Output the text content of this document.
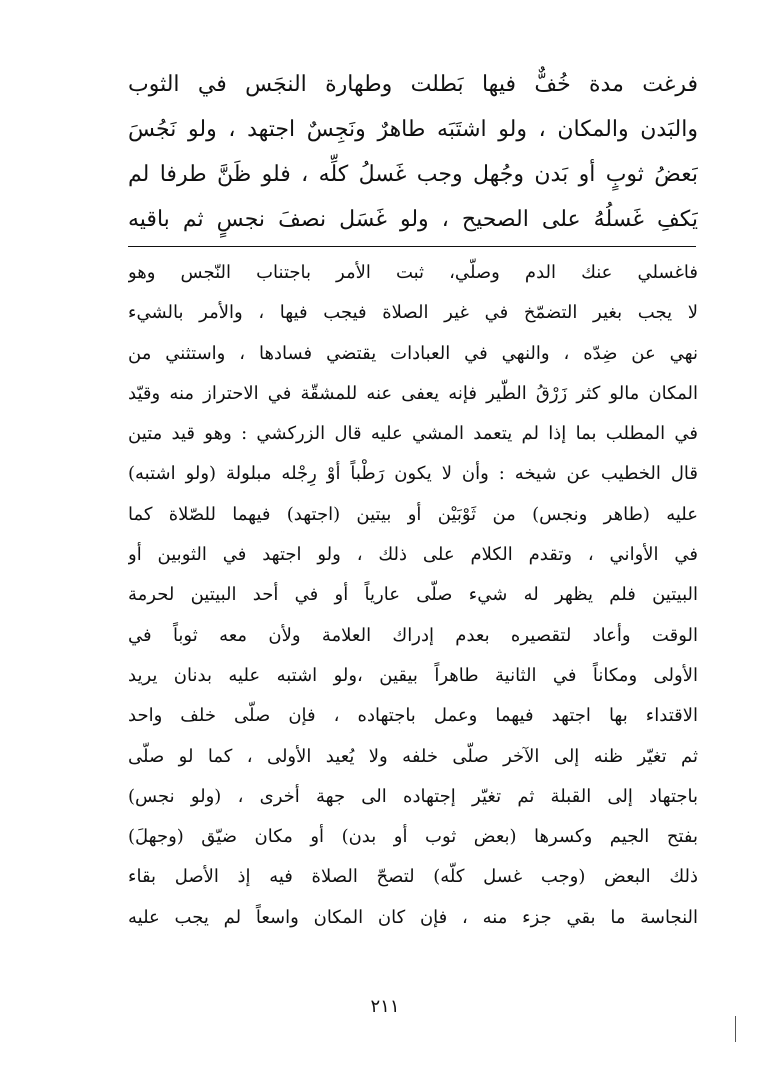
فرغت مدة خُفٌّ فيها بَطلت وطهارة النجَس في الثوب
والبَدن والمكان ، ولو اشتَبَه طاهرٌ ونَجِسٌ اجتهد ، ولو نَجُسَ
بَعضُ ثوبٍ أو بَدن وجُهل وجب غَسلُ كلِّه ، فلو ظَنَّ طرفا لم
يَكفِ غَسلُهُ على الصحيح ، ولو غَسَل نصفَ نجسٍ ثم باقيه
فاغسلي عنك الدم وصلّي، ثبت الأمر باجتناب النّجس وهو
لا يجب بغير التضمّخ في غير الصلاة فيجب فيها ، والأمر بالشيء
نهي عن ضِدّه ، والنهي في العبادات يقتضي فسادها ، واستثني من
المكان مالو كثر زَرْقُ الطّير فإنه يعفى عنه للمشقّة في الاحتراز منه وقيّد
في المطلب بما إذا لم يتعمد المشي عليه قال الزركشي : وهو قيد متين
قال الخطيب عن شيخه : وأن لا يكون رَطْباً أوْ رِجْله مبلولة (ولو اشتبه)
عليه (طاهر ونجس) من ثَوْبَيْن أو بيتين (اجتهد) فيهما للصّلاة كما
في الأواني ، وتقدم الكلام على ذلك ، ولو اجتهد في الثوبين أو
البيتين فلم يظهر له شيء صلّى عارياً أو في أحد البيتين لحرمة
الوقت وأعاد لتقصيره بعدم إدراك العلامة ولأن معه ثوباً في
الأولى ومكاناً في الثانية طاهراً بيقين ،ولو اشتبه عليه بدنان يريد
الاقتداء بها اجتهد فيهما وعمل باجتهاده ، فإن صلّى خلف واحد
ثم تغيّر ظنه إلى الآخر صلّى خلفه ولا يُعيد الأولى ، كما لو صلّى
باجتهاد إلى القبلة ثم تغيّر إجتهاده الى جهة أخرى ، (ولو نجس)
بفتح الجيم وكسرها (بعض ثوب أو بدن) أو مكان ضيّق (وجهلَ)
ذلك البعض (وجب غسل كلّه) لتصحّ الصلاة فيه إذ الأصل بقاء
النجاسة ما بقي جزء منه ، فإن كان المكان واسعاً لم يجب عليه
٢١١
